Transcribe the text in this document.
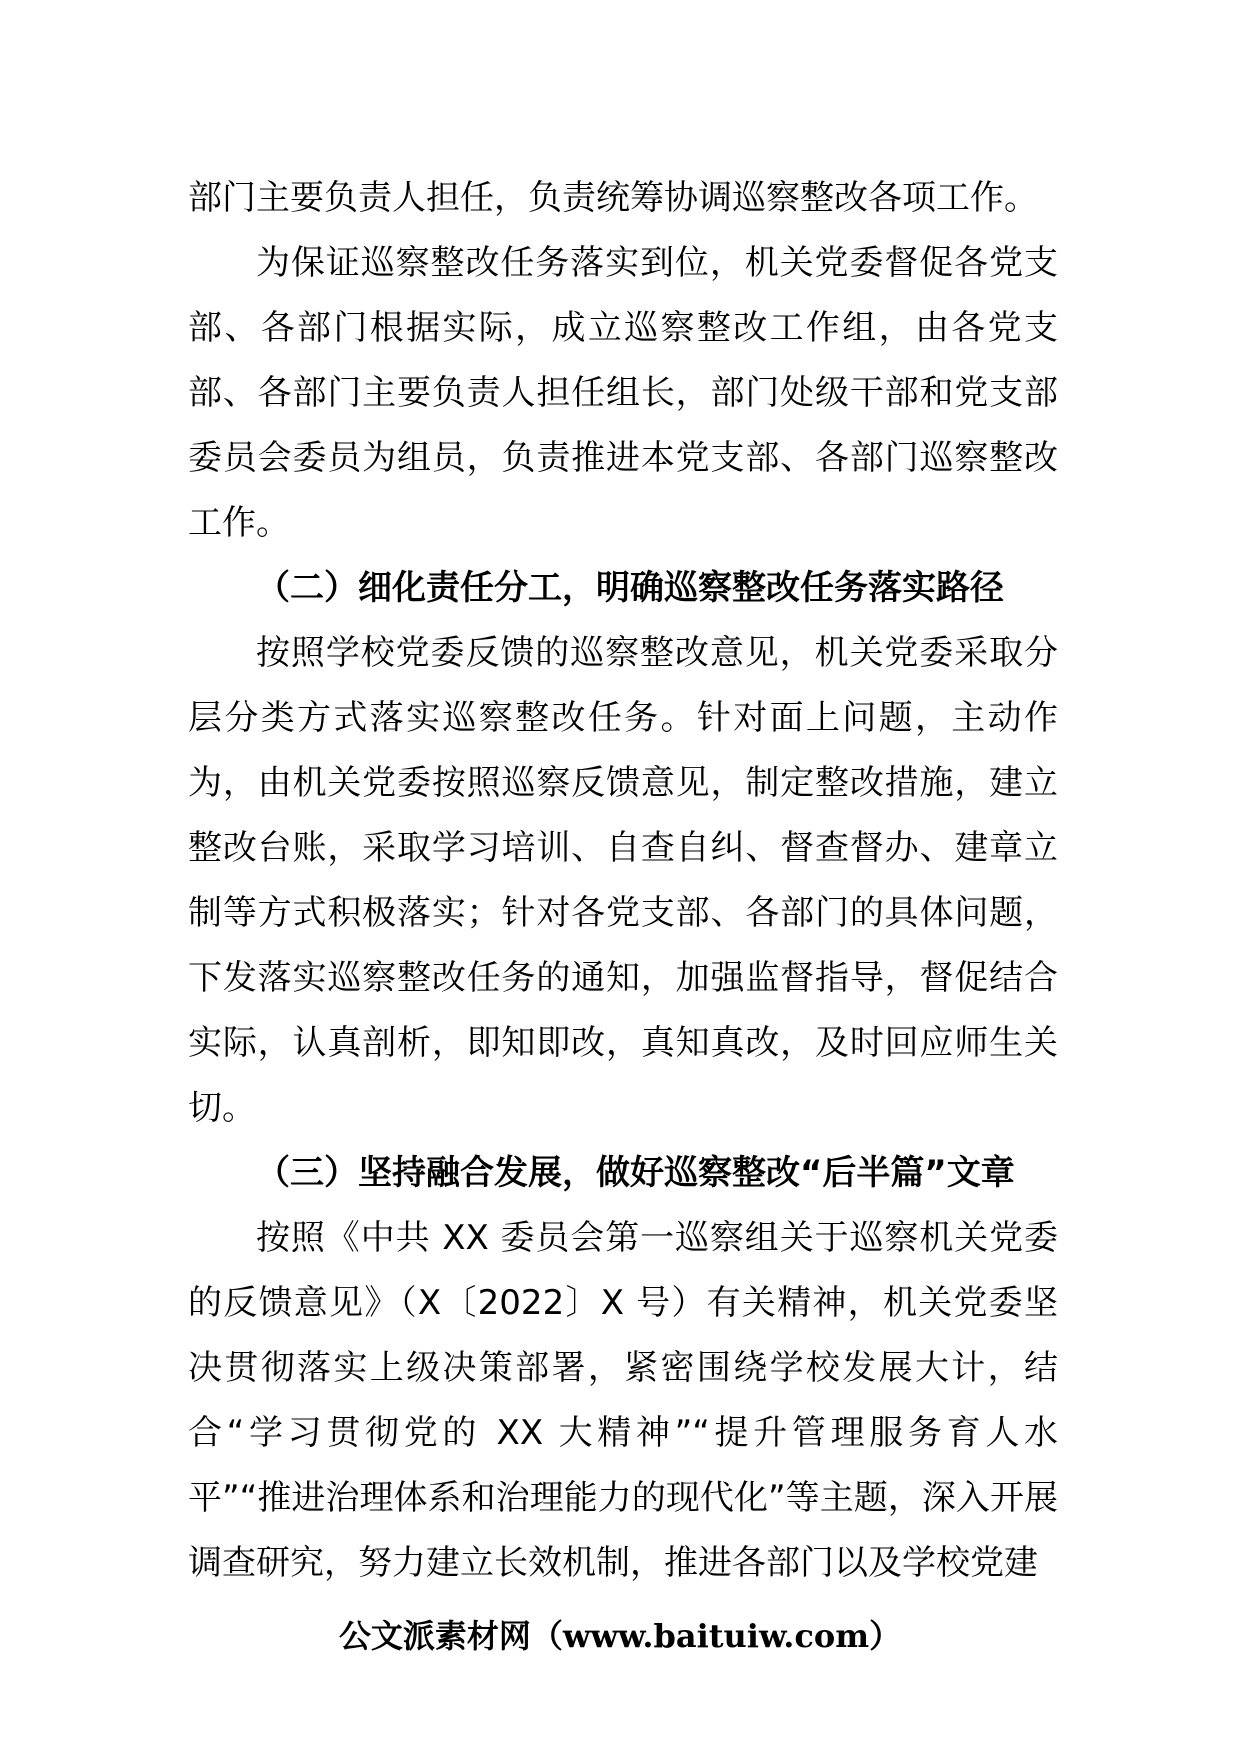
部门主要负责人担任，负责统筹协调巡察整改各项工作。

为保证巡察整改任务落实到位，机关党委督促各党支部、各部门根据实际，成立巡察整改工作组，由各党支部、各部门主要负责人担任组长，部门处级干部和党支部委员会委员为组员，负责推进本党支部、各部门巡察整改工作。

（二）细化责任分工，明确巡察整改任务落实路径

按照学校党委反馈的巡察整改意见，机关党委采取分层分类方式落实巡察整改任务。针对面上问题，主动作为，由机关党委按照巡察反馈意见，制定整改措施，建立整改台账，采取学习培训、自查自纠、督查督办、建章立制等方式积极落实；针对各党支部、各部门的具体问题，下发落实巡察整改任务的通知，加强监督指导，督促结合实际，认真剖析，即知即改，真知真改，及时回应师生关切。

（三）坚持融合发展，做好巡察整改“后半篇”文章

按照《中共 XX 委员会第一巡察组关于巡察机关党委的反馈意见》（X〔2022〕X 号）有关精神，机关党委坚决贯彻落实上级决策部署，紧密围绕学校发展大计，结合“学习贯彻党的 XX 大精神”“提升管理服务育人水平”“推进治理体系和治理能力的现代化”等主题，深入开展调查研究，努力建立长效机制，推进各部门以及学校党建

公文派素材网（www.baituiw.com）
